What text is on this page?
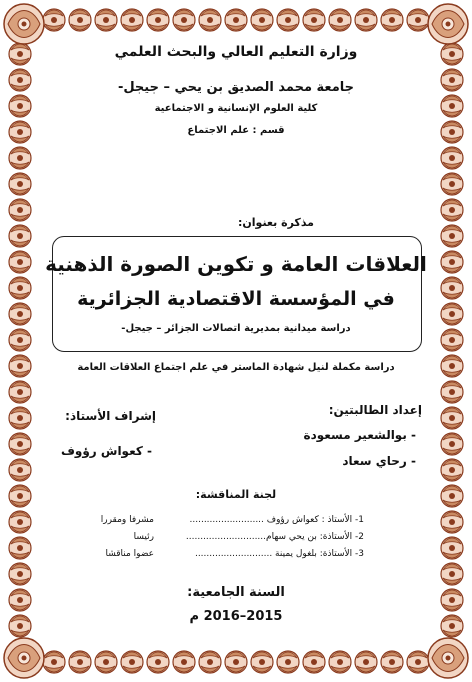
وزارة التعليم العالي والبحث العلمي
جامعة محمد الصديق بن يحي – جيجل-
كلية العلوم الإنسانية و الاجتماعية
قسم : علم الاجتماع
مذكرة بعنوان:
العلاقات العامة و تكوين الصورة الذهنية
في المؤسسة الاقتصادية الجزائرية
دراسة ميدانية بمديرية اتصالات الجزائر – جيجل-
دراسة مكملة لنيل شهادة الماستر في علم اجتماع العلاقات العامة
إعداد الطالبتين:
- بوالشعير مسعودة
- رحاي سعاد
إشراف الأستاذ:
- كعواش رؤوف
لجنة المناقشة:
1- الأستاذ : كعواش رؤوف ..........................
مشرفا ومقررا
2- الأستاذة: بن يحي سهام............................
رئيسا
3- الأستاذة: بلغول يمينة ...........................
عضوا مناقشا
السنة الجامعية:
2015–2016 م
